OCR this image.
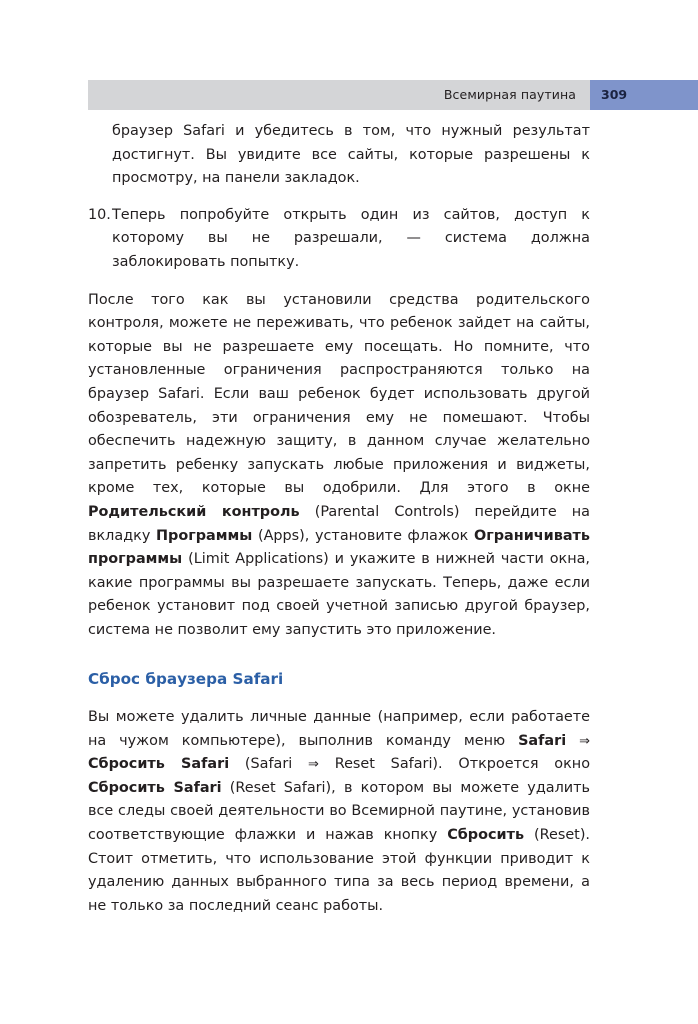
Всемирная паутина 309

браузер Safari и убедитесь в том, что нужный результат достигнут. Вы увидите все сайты, которые разрешены к просмотру, на панели закладок.

10. Теперь попробуйте открыть один из сайтов, доступ к которому вы не разрешали, — система должна заблокировать попытку.

После того как вы установили средства родительского контроля, можете не переживать, что ребенок зайдет на сайты, которые вы не разрешаете ему посещать. Но помните, что установленные ограничения распространяются только на браузер Safari. Если ваш ребенок будет использовать другой обозреватель, эти ограничения ему не помешают. Чтобы обеспечить надежную защиту, в данном случае желательно запретить ребенку запускать любые приложения и виджеты, кроме тех, которые вы одобрили. Для этого в окне Родительский контроль (Parental Controls) перейдите на вкладку Программы (Apps), установите флажок Ограничивать программы (Limit Applications) и укажите в нижней части окна, какие программы вы разрешаете запускать. Теперь, даже если ребенок установит под своей учетной записью другой браузер, система не позволит ему запустить это приложение.

Сброс браузера Safari

Вы можете удалить личные данные (например, если работаете на чужом компьютере), выполнив команду меню Safari ⇒ Сбросить Safari (Safari ⇒ Reset Safari). Откроется окно Сбросить Safari (Reset Safari), в котором вы можете удалить все следы своей деятельности во Всемирной паутине, установив соответствующие флажки и нажав кнопку Сбросить (Reset). Стоит отметить, что использование этой функции приводит к удалению данных выбранного типа за весь период времени, а не только за последний сеанс работы.
